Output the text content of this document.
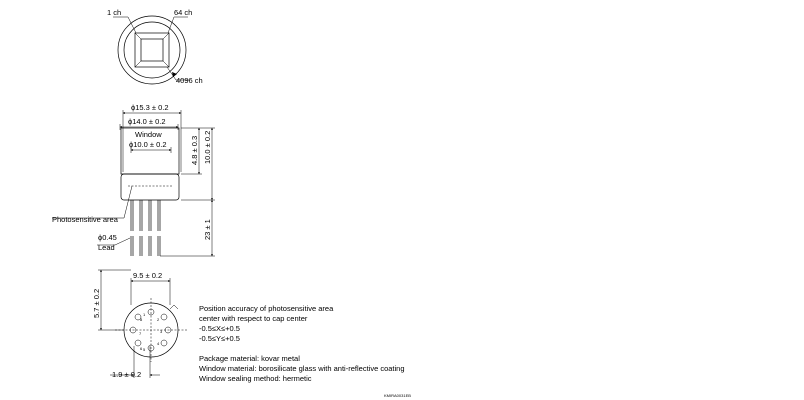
1 ch	64 ch
4096 ch
ϕ15.3 ± 0.2
ϕ14.0 ± 0.2
Window
ϕ10.0 ± 0.2
Photosensitive area
ϕ0.45
Lead
4.8 ± 0.3 10.0 ± 0.2
23 ± 1
9.5 ± 0.2
1
2
3
4
5
6
7
8
5.7 ± 0.2
1.9 ± 0.2
Position accuracy of photosensitive area
center with respect to cap center
-0.5≤X≤+0.5
-0.5≤Y≤+0.5
Package material: kovar metal
Window material: borosilicate glass with anti-reflective coating
Window sealing method: hermetic
KMIRA0031EB
